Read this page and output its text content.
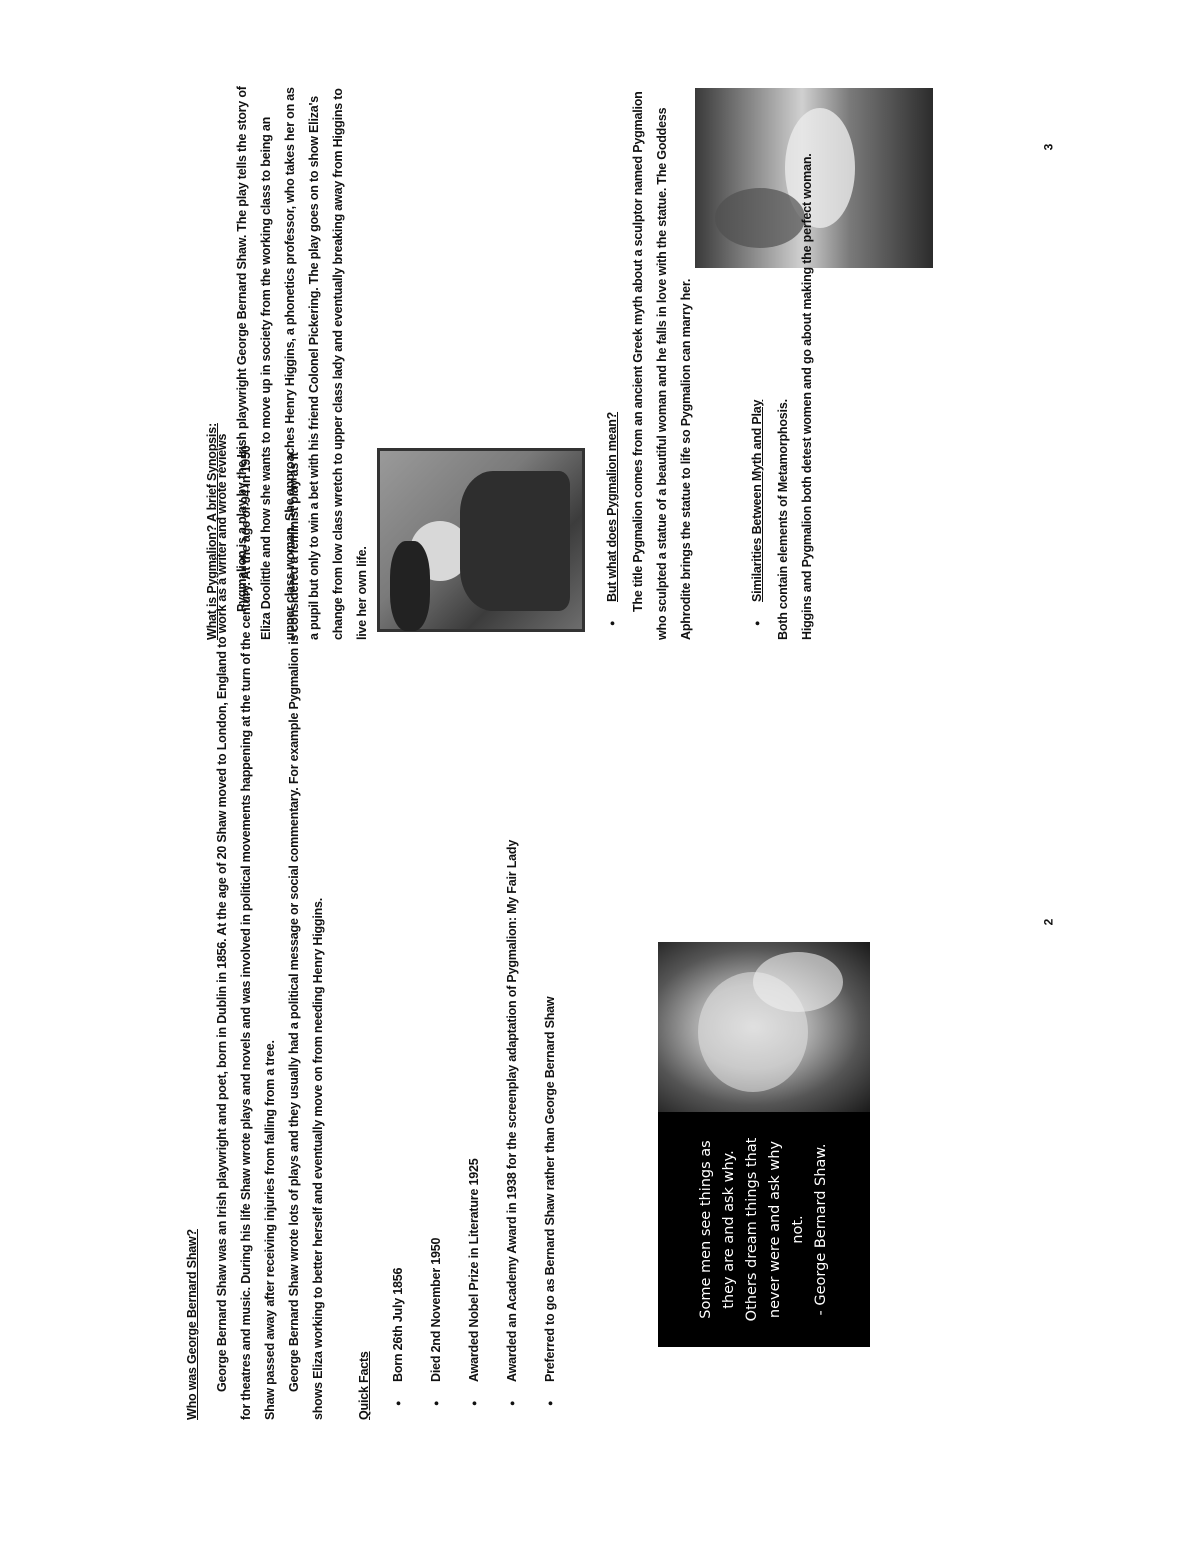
Who was George Bernard Shaw?	George Bernard Shaw was an Irish playwright and poet, born in Dublin in 1856. At the age of 20 Shaw moved to London, England to work as a writer and wrote reviews for theatres and music. During his life Shaw wrote plays and novels and was involved in political movements happening at the turn of the century. At the age of 94 in 1950 Shaw passed away after receiving injuries from falling from a tree. George Bernard Shaw wrote lots of plays and they usually had a political message or social commentary. For example Pygmalion is considered a feminist play as it shows Eliza working to better herself and eventually move on from needing Henry Higgins.	Quick Facts

● Born 26th July 1856	● Died 2nd November 1950	● Awarded Nobel Prize in Literature 1925	● Awarded an Academy Award in 1938 for the screenplay adaptation of Pygmalion: My Fair Lady	● Preferred to go as Bernard Shaw rather than George Bernard Shaw	Some men see things as they are and ask why. Others dream things that never were and ask why not. - George Bernard Shaw.
2

What is Pygmalion? A brief Synopsis:	Pygmalion is a play by the Irish playwright George Bernard Shaw. The play tells the story of Eliza Doolittle and how she wants to move up in society from the working class to being an upper class woman. She approaches Henry Higgins, a phonetics professor, who takes her on as a pupil but only to win a bet with his friend Colonel Pickering. The play goes on to show Eliza's change from low class wretch to upper class lady and eventually breaking away from Higgins to live her own life.	● But what does Pygmalion mean? The title Pygmalion comes from an ancient Greek myth about a sculptor named Pygmalion who sculpted a statue of a beautiful woman and he falls in love with the statue. The Goddess Aphrodite brings the statue to life so Pygmalion can marry her.	● Similarities Between Myth and Play Both contain elements of Metamorphosis. Higgins and Pygmalion both detest women and go about making the perfect woman.

3
